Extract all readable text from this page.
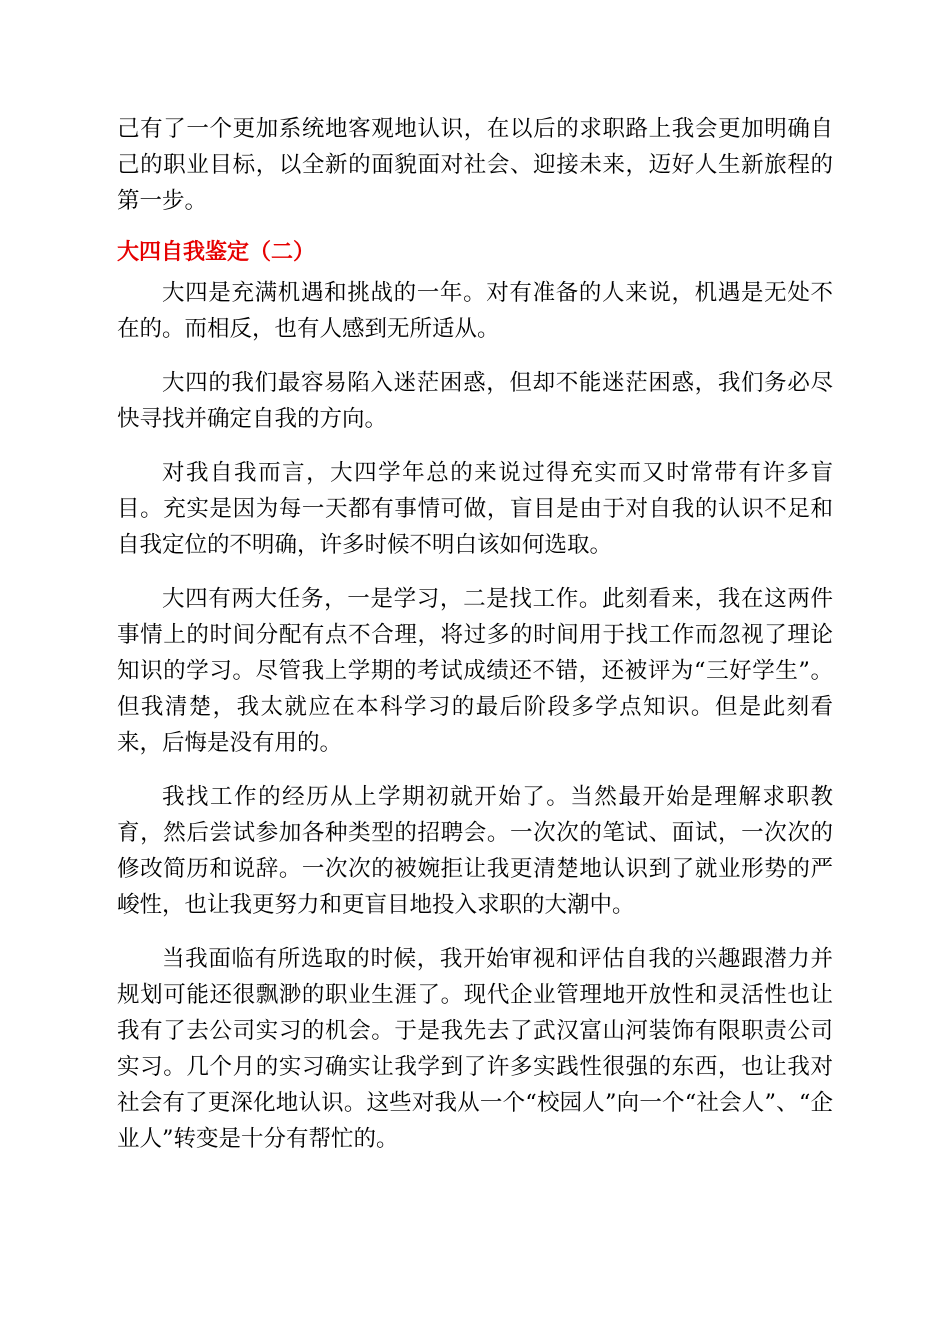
己有了一个更加系统地客观地认识，在以后的求职路上我会更加明确自己的职业目标，以全新的面貌面对社会、迎接未来，迈好人生新旅程的第一步。

大四自我鉴定（二）

大四是充满机遇和挑战的一年。对有准备的人来说，机遇是无处不在的。而相反，也有人感到无所适从。

大四的我们最容易陷入迷茫困惑，但却不能迷茫困惑，我们务必尽快寻找并确定自我的方向。

对我自我而言，大四学年总的来说过得充实而又时常带有许多盲目。充实是因为每一天都有事情可做，盲目是由于对自我的认识不足和自我定位的不明确，许多时候不明白该如何选取。

大四有两大任务，一是学习，二是找工作。此刻看来，我在这两件事情上的时间分配有点不合理，将过多的时间用于找工作而忽视了理论知识的学习。尽管我上学期的考试成绩还不错，还被评为“三好学生”。但我清楚，我太就应在本科学习的最后阶段多学点知识。但是此刻看来，后悔是没有用的。

我找工作的经历从上学期初就开始了。当然最开始是理解求职教育，然后尝试参加各种类型的招聘会。一次次的笔试、面试，一次次的修改简历和说辞。一次次的被婉拒让我更清楚地认识到了就业形势的严峻性，也让我更努力和更盲目地投入求职的大潮中。

当我面临有所选取的时候，我开始审视和评估自我的兴趣跟潜力并规划可能还很飘渺的职业生涯了。现代企业管理地开放性和灵活性也让我有了去公司实习的机会。于是我先去了武汉富山河装饰有限职责公司实习。几个月的实习确实让我学到了许多实践性很强的东西，也让我对社会有了更深化地认识。这些对我从一个“校园人”向一个“社会人”、“企业人”转变是十分有帮忙的。
